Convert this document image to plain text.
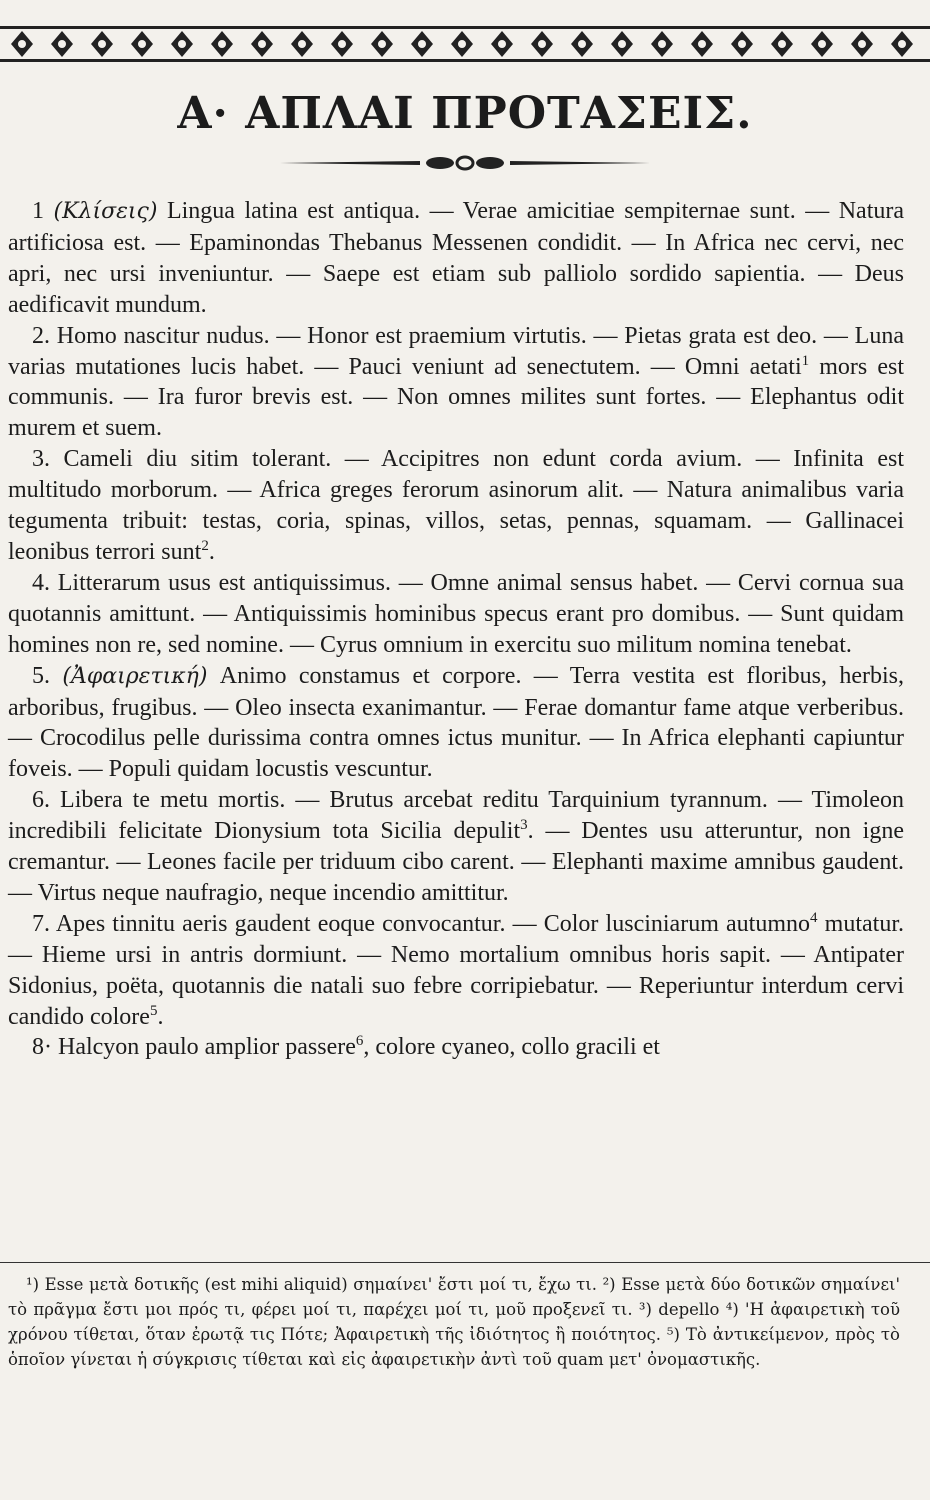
Α· ΑΠΛΑΙ ΠΡΟΤΑΣΕΙΣ.

1 (Κλίσεις) Lingua latina est antiqua. — Verae amicitiae sempiternae sunt. — Natura artificiosa est. — Epaminondas Thebanus Messenen condidit. — In Africa nec cervi, nec apri, nec ursi inveniuntur. — Saepe est etiam sub palliolo sordido sapientia. — Deus aedificavit mundum.

2. Homo nascitur nudus. — Honor est praemium virtutis. — Pietas grata est deo. — Luna varias mutationes lucis habet. — Pauci veniunt ad senectutem. — Omni aetati$^1$ mors est communis. — Ira furor brevis est. — Non omnes milites sunt fortes. — Elephantus odit murem et suem.

3. Cameli diu sitim tolerant. — Accipitres non edunt corda avium. — Infinita est multitudo morborum. — Africa greges ferorum asinorum alit. — Natura animalibus varia tegumenta tribuit: testas, coria, spinas, villos, setas, pennas, squamam. — Gallinacei leonibus terrori sunt$^2$.

4. Litterarum usus est antiquissimus. — Omne animal sensus habet. — Cervi cornua sua quotannis amittunt. — Antiquissimis hominibus specus erant pro domibus. — Sunt quidam homines non re, sed nomine. — Cyrus omnium in exercitu suo militum nomina tenebat.

5. (Ἀφαιρετική) Animo constamus et corpore. — Terra vestita est floribus, herbis, arboribus, frugibus. — Oleo insecta exanimantur. — Ferae domantur fame atque verberibus. — Crocodilus pelle durissima contra omnes ictus munitur. — In Africa elephanti capiuntur foveis. — Populi quidam locustis vescuntur.

6. Libera te metu mortis. — Brutus arcebat reditu Tarquinium tyrannum. — Timoleon incredibili felicitate Dionysium tota Sicilia depulit$^3$. — Dentes usu atteruntur, non igne cremantur. — Leones facile per triduum cibo carent. — Elephanti maxime amnibus gaudent. — Virtus neque naufragio, neque incendio amittitur.

7. Apes tinnitu aeris gaudent eoque convocantur. — Color lusciniarum autumno$^4$ mutatur. — Hieme ursi in antris dormiunt. — Nemo mortalium omnibus horis sapit. — Antipater Sidonius, poëta, quotannis die natali suo febre corripiebatur. — Reperiuntur interdum cervi candido colore$^5$.

8· Halcyon paulo amplior passere$^6$, colore cyaneo, collo gracili et

¹) Esse μετὰ δοτικῆς (est mihi aliquid) σημαίνει' ἔστι μοί τι, ἔχω τι. ²) Esse μετὰ δύο δοτικῶν σημαίνει' τὸ πρᾶγμα ἔστι μοι πρός τι, φέρει μοί τι, παρέχει μοί τι, μοῦ προξενεῖ τι. ³) depello ⁴) 'Η ἀφαιρετικὴ τοῦ χρόνου τίθεται, ὅταν ἐρωτᾷ τις Πότε; Ἀφαιρετικὴ τῆς ἰδιότητος ἢ ποιότητος. ⁵) Τὸ ἀντικείμενον, πρὸς τὸ ὁποῖον γίνεται ἡ σύγκρισις τίθεται καὶ εἰς ἀφαιρετικὴν ἀντὶ τοῦ quam μετ' ὀνομαστικῆς.
